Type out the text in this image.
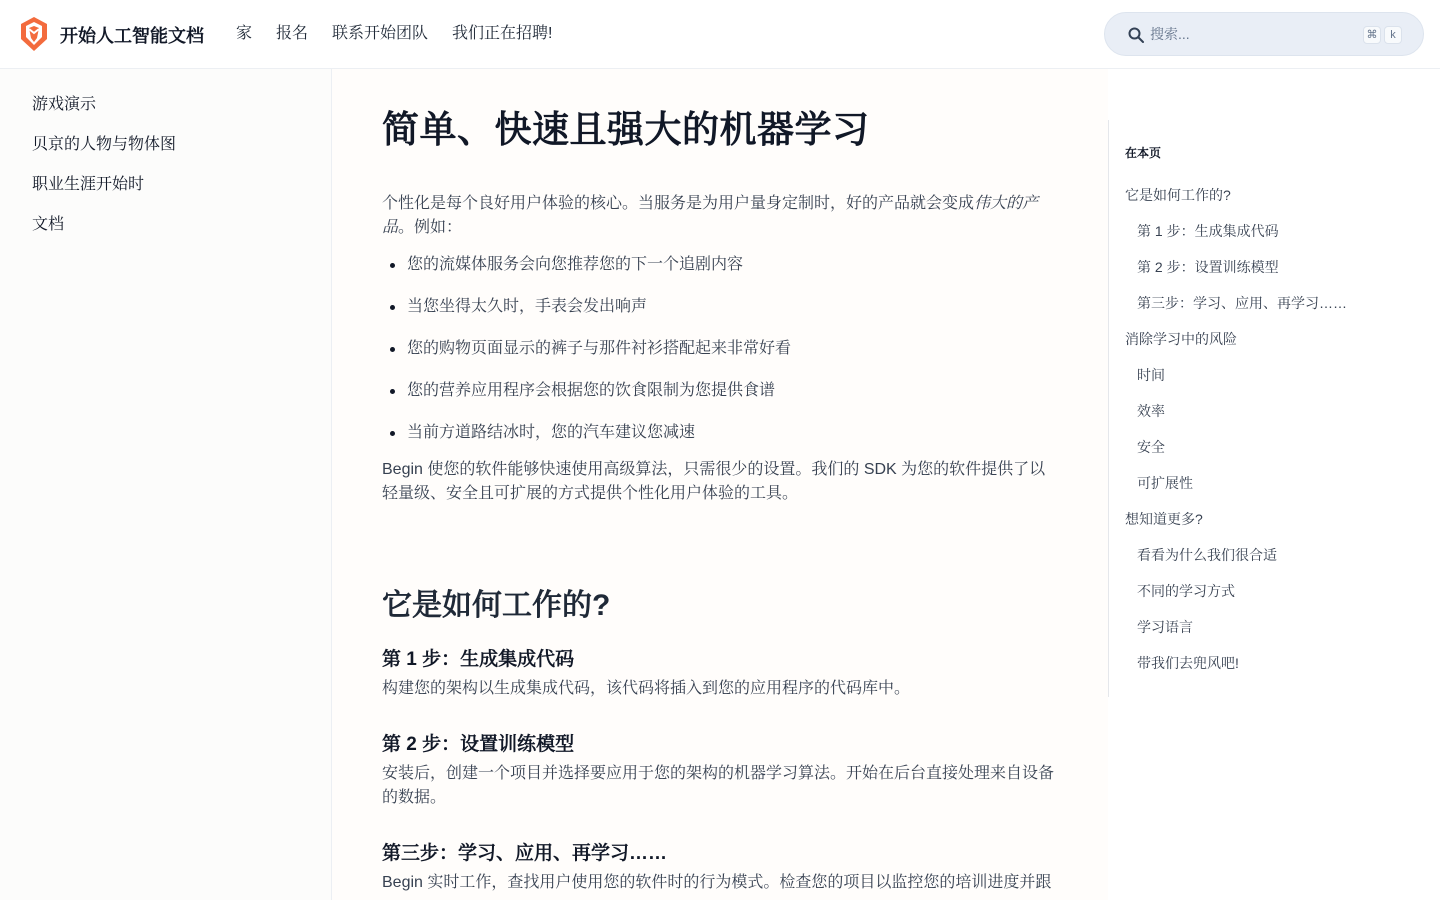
开始人工智能文档 家 报名 联系开始团队 我们正在招聘!
搜索...	⌘	k
游戏演示
贝京的人物与物体图
职业生涯开始时
文档
简单、快速且强大的机器学习

个性化是每个良好用户体验的核心。当服务是为用户量身定制时，好的产品就会变成伟大的产品。例如：

您的流媒体服务会向您推荐您的下一个追剧内容
当您坐得太久时，手表会发出响声
您的购物页面显示的裤子与那件衬衫搭配起来非常好看
您的营养应用程序会根据您的饮食限制为您提供食谱
当前方道路结冰时，您的汽车建议您减速

Begin 使您的软件能够快速使用高级算法，只需很少的设置。我们的 SDK 为您的软件提供了以轻量级、安全且可扩展的方式提供个性化用户体验的工具。

它是如何工作的?
第 1 步：生成集成代码

构建您的架构以生成集成代码，该代码将插入到您的应用程序的代码库中。

第 2 步：设置训练模型

安装后，创建一个项目并选择要应用于您的架构的机器学习算法。开始在后台直接处理来自设备的数据。

第三步：学习、应用、再学习……

Begin 实时工作，查找用户使用您的软件时的行为模式。检查您的项目以监控您的培训进度并跟

在本页
它是如何工作的?
第 1 步：生成集成代码
第 2 步：设置训练模型
第三步：学习、应用、再学习……
消除学习中的风险
时间
效率
安全
可扩展性
想知道更多?
看看为什么我们很合适
不同的学习方式
学习语言
带我们去兜风吧!
